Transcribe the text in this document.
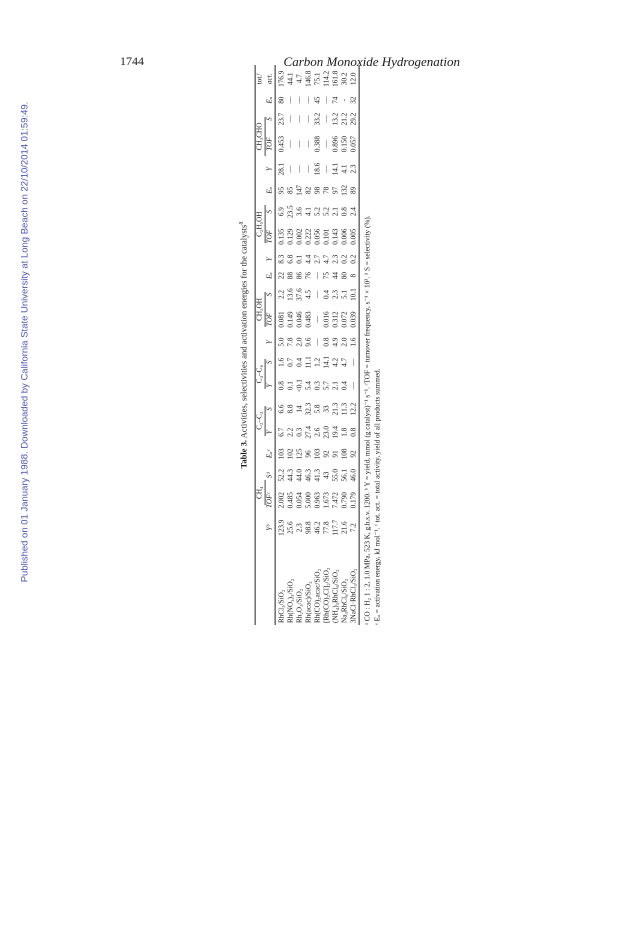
1744	Carbon Monoxide Hydrogenation
Published on 01 January 1988. Downloaded by California State University at Long Beach on 22/10/2014 01:59:49.	Table 3. Activities, selectivities and activation energies for the catalysts$^a$
	CH₄				C₂–C₃		C₄–C₆		CH₃OH				C₂H₅OH				CH₃CHO				tot.ᶠ
	Yᵇ	TOFᶜ	Sᵈ	Eₐᵉ	Y	S	Y	S	Y	TOF	S	Eₐ	Y	TOF	S	Eₐ	Y	TOF	S	Eₐ	act.

RhCl₃/SiO₂	123.9	2.002	52.2	103	6.7	6.6	0.8	1.6	5.0	0.081	2.2	22	8.3	0.135	6.9	95	28.1	0.453	23.7	80	176.9
Rh(NO₃)₃/SiO₂	25.6	0.485	44.3	102	2.2	8.8	0.1	0.7	7.8	0.149	13.6	88	6.8	0.129	23.5	85	—	—	—	—	44.1
Rh₂O₃/SiO₂	2.3	0.054	44.0	125	0.3	14	<0.1	0.4	2.0	0.046	37.6	86	0.1	0.002	3.6	147	—	—	—	—	4.7
Rh(acac)/SiO₂	98.8	5.000	46.3	96	27.4	32.3	5.4	11.1	9.6	0.483	4.5	76	4.4	0.222	4.1	82	—	—	—	—	146.8
Rh(CO)₂acac/SiO₂	46.2	0.963	41.3	103	2.6	5.8	0.3	1.2	—	—	—	—	2.7	0.056	5.2	98	18.6	0.388	33.2	45	75.1
[Rh(CO)₂Cl]₂/SiO₂	77.8	1.673	43	92	23.0	33	5.7	14.1	0.8	0.016	0.4	75	4.7	0.101	5.2	78	—	—	—	—	114.2
(NH₄)₃RhCl₆/SiO₂	117.7	7.472	55.0	91	19.4	21.3	2.1	4.2	4.9	0.312	2.3	44	2.3	0.143	2.1	97	14.1	0.896	13.2	74	161.8
Na₃RhCl₆/SiO₂	21.6	0.790	56.1	108	1.8	11.3	0.4	4.7	2.0	0.072	5.1	80	0.2	0.006	0.8	132	4.1	0.150	21.2	-	30.2
3NaCl·RhCl₃/SiO₂	7.2	0.179	46.0	92	0.8	12.2	—	—	1.6	0.039	10.1	8	0.2	0.005	2.4	89	2.3	0.057	29.2	32	12.0
ᵃ CO : H₂ 1 : 2, 1.0 MPa, 523 K, g.h.s.v. 1200. ᵇ Y = yield, mmol (g catalyst)⁻¹ s⁻¹. ᶜTOF = turnover frequency, s⁻¹ × 10³. ᵈ S = selectivity (%). ᵉ Eₐ = activation energy, kJ mol⁻¹. ᶠ tot. act. = total activity, yield of all products summed.
